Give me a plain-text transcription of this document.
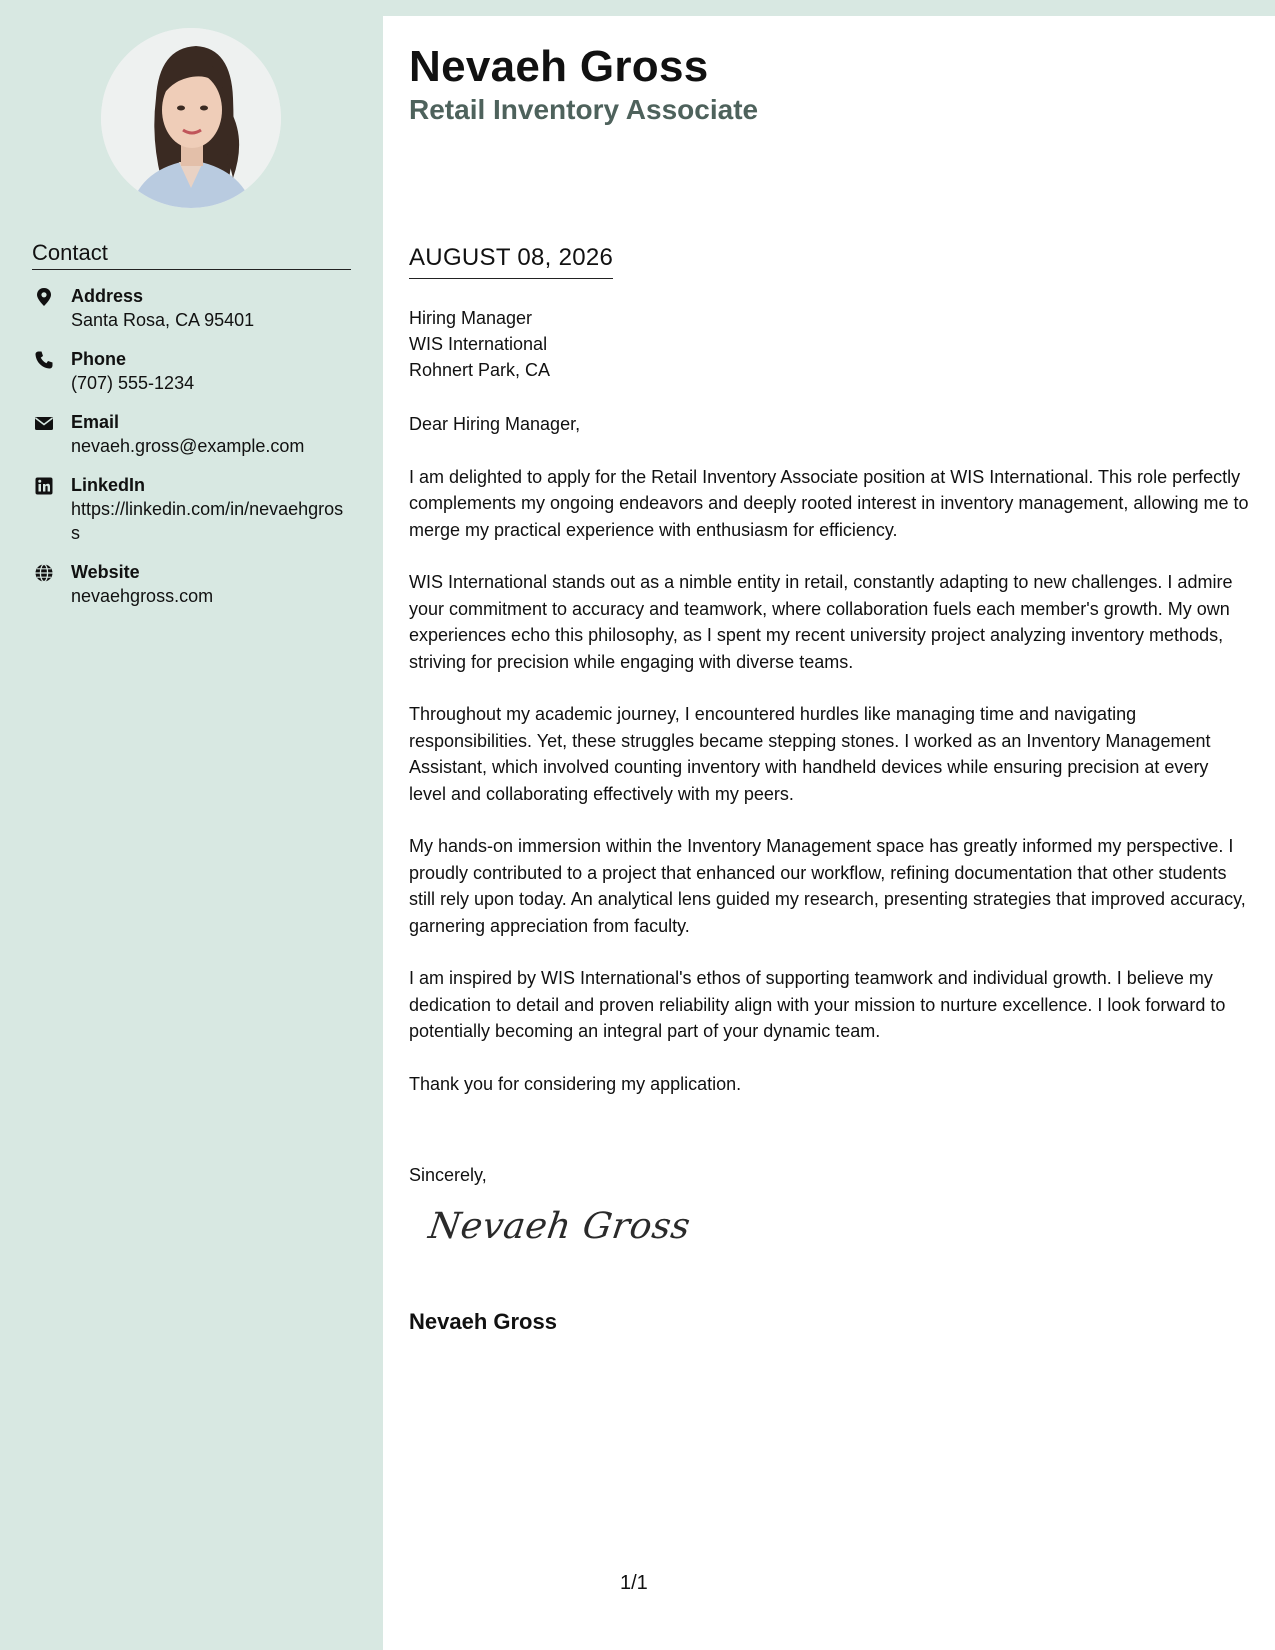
Contact
Address
Santa Rosa, CA 95401
Phone
(707) 555-1234
Email
nevaeh.gross@example.com
LinkedIn
https://linkedin.com/in/nevaehgross
Website
nevaehgross.com
Nevaeh Gross
Retail Inventory Associate
AUGUST 08, 2026
Hiring Manager
WIS International
Rohnert Park, CA

Dear Hiring Manager,

I am delighted to apply for the Retail Inventory Associate position at WIS International. This role perfectly complements my ongoing endeavors and deeply rooted interest in inventory management, allowing me to merge my practical experience with enthusiasm for efficiency.

WIS International stands out as a nimble entity in retail, constantly adapting to new challenges. I admire your commitment to accuracy and teamwork, where collaboration fuels each member's growth. My own experiences echo this philosophy, as I spent my recent university project analyzing inventory methods, striving for precision while engaging with diverse teams.

Throughout my academic journey, I encountered hurdles like managing time and navigating responsibilities. Yet, these struggles became stepping stones. I worked as an Inventory Management Assistant, which involved counting inventory with handheld devices while ensuring precision at every level and collaborating effectively with my peers.

My hands-on immersion within the Inventory Management space has greatly informed my perspective. I proudly contributed to a project that enhanced our workflow, refining documentation that other students still rely upon today. An analytical lens guided my research, presenting strategies that improved accuracy, garnering appreciation from faculty.

I am inspired by WIS International's ethos of supporting teamwork and individual growth. I believe my dedication to detail and proven reliability align with your mission to nurture excellence. I look forward to potentially becoming an integral part of your dynamic team.

Thank you for considering my application.

Sincerely,
Nevaeh Gross
Nevaeh Gross
1/1
